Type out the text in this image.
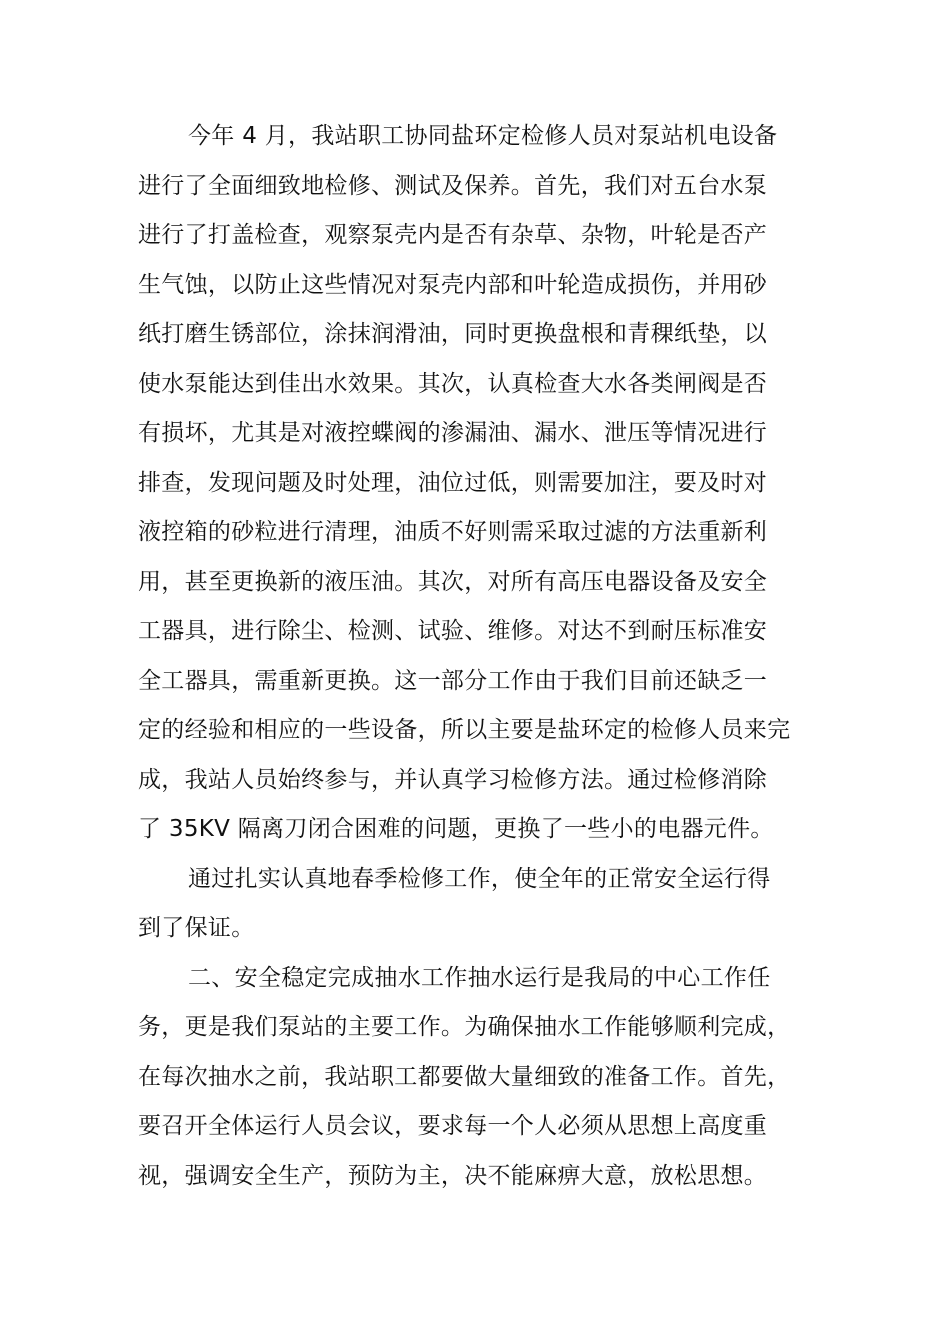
今年 4 月，我站职工协同盐环定检修人员对泵站机电设备
进行了全面细致地检修、测试及保养。首先，我们对五台水泵
进行了打盖检查，观察泵壳内是否有杂草、杂物，叶轮是否产
生气蚀，以防止这些情况对泵壳内部和叶轮造成损伤，并用砂
纸打磨生锈部位，涂抹润滑油，同时更换盘根和青稞纸垫，以
使水泵能达到佳出水效果。其次，认真检查大水各类闸阀是否
有损坏，尤其是对液控蝶阀的渗漏油、漏水、泄压等情况进行
排查，发现问题及时处理，油位过低，则需要加注，要及时对
液控箱的砂粒进行清理，油质不好则需采取过滤的方法重新利
用，甚至更换新的液压油。其次，对所有高压电器设备及安全
工器具，进行除尘、检测、试验、维修。对达不到耐压标准安
全工器具，需重新更换。这一部分工作由于我们目前还缺乏一
定的经验和相应的一些设备，所以主要是盐环定的检修人员来完
成，我站人员始终参与，并认真学习检修方法。通过检修消除
了 35KV 隔离刀闭合困难的问题，更换了一些小的电器元件。
通过扎实认真地春季检修工作，使全年的正常安全运行得
到了保证。
二、安全稳定完成抽水工作抽水运行是我局的中心工作任
务，更是我们泵站的主要工作。为确保抽水工作能够顺利完成，
在每次抽水之前，我站职工都要做大量细致的准备工作。首先，
要召开全体运行人员会议，要求每一个人必须从思想上高度重
视，强调安全生产，预防为主，决不能麻痹大意，放松思想。
